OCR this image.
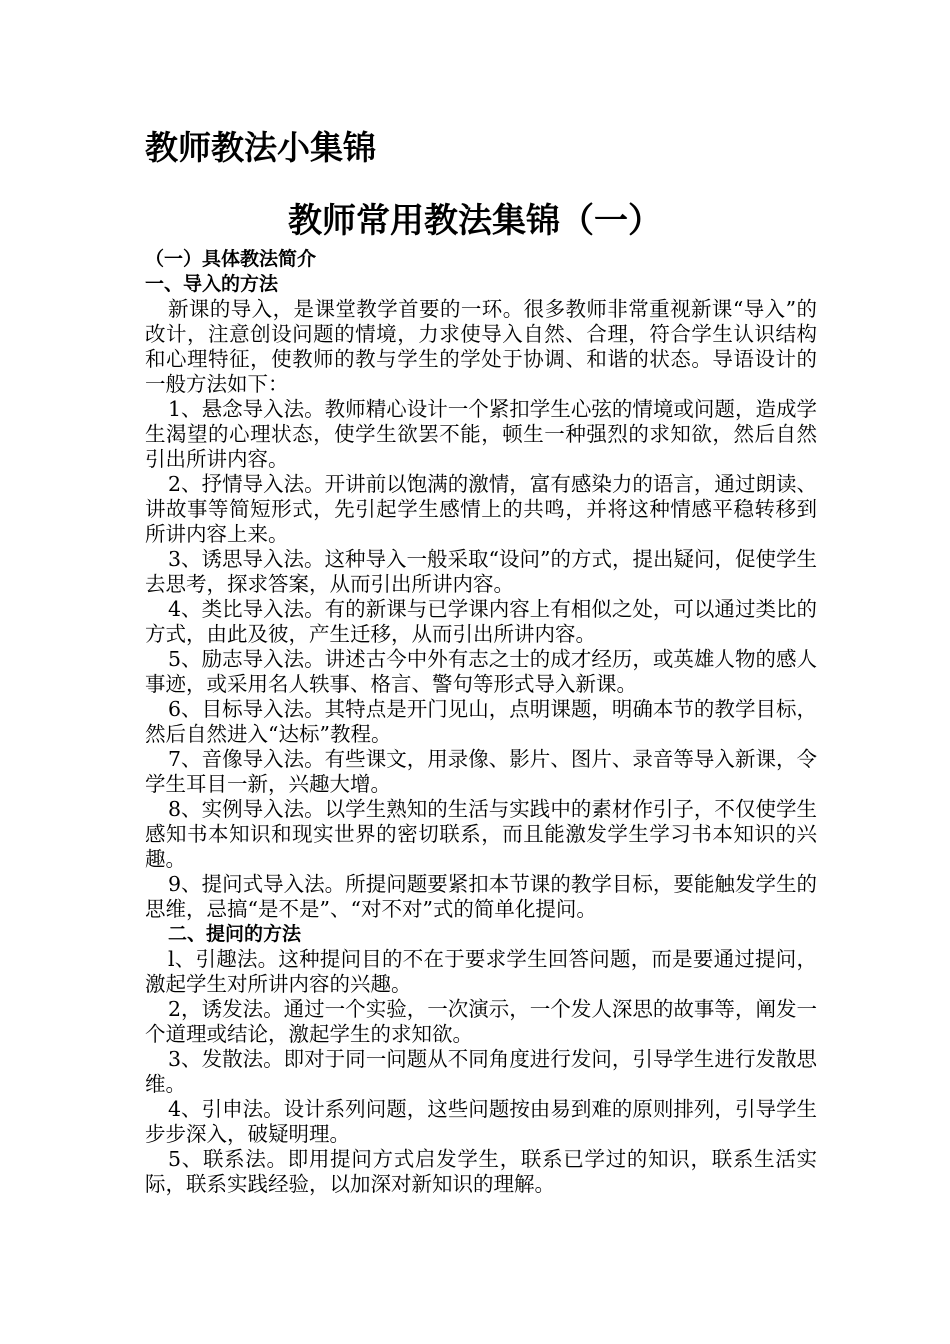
教师教法小集锦
教师常用教法集锦（一）

（一）具体教法简介

一、导入的方法

新课的导入，是课堂教学首要的一环。很多教师非常重视新课“导入”的改计，注意创设问题的情境，力求使导入自然、合理，符合学生认识结构和心理特征，使教师的教与学生的学处于协调、和谐的状态。导语设计的一般方法如下：

1、悬念导入法。教师精心设计一个紧扣学生心弦的情境或问题，造成学生渴望的心理状态，使学生欲罢不能，顿生一种强烈的求知欲，然后自然引出所讲内容。

2、抒情导入法。开讲前以饱满的激情，富有感染力的语言，通过朗读、讲故事等简短形式，先引起学生感情上的共鸣，并将这种情感平稳转移到所讲内容上来。

3、诱思导入法。这种导入一般采取“设问”的方式，提出疑问，促使学生去思考，探求答案，从而引出所讲内容。

4、类比导入法。有的新课与已学课内容上有相似之处，可以通过类比的方式，由此及彼，产生迁移，从而引出所讲内容。

5、励志导入法。讲述古今中外有志之士的成才经历，或英雄人物的感人事迹，或采用名人轶事、格言、警句等形式导入新课。

6、目标导入法。其特点是开门见山，点明课题，明确本节的教学目标，然后自然进入“达标”教程。

7、音像导入法。有些课文，用录像、影片、图片、录音等导入新课，令学生耳目一新，兴趣大增。

8、实例导入法。以学生熟知的生活与实践中的素材作引子，不仅使学生感知书本知识和现实世界的密切联系，而且能激发学生学习书本知识的兴趣。

9、提问式导入法。所提问题要紧扣本节课的教学目标，要能触发学生的思维，忌搞“是不是”、“对不对”式的简单化提问。

二、提问的方法

l、引趣法。这种提问目的不在于要求学生回答问题，而是要通过提问，激起学生对所讲内容的兴趣。

2，诱发法。通过一个实验，一次演示，一个发人深思的故事等，阐发一个道理或结论，激起学生的求知欲。

3、发散法。即对于同一问题从不同角度进行发问，引导学生进行发散思维。

4、引申法。设计系列问题，这些问题按由易到难的原则排列，引导学生步步深入，破疑明理。

5、联系法。即用提问方式启发学生，联系已学过的知识，联系生活实际，联系实践经验，以加深对新知识的理解。
